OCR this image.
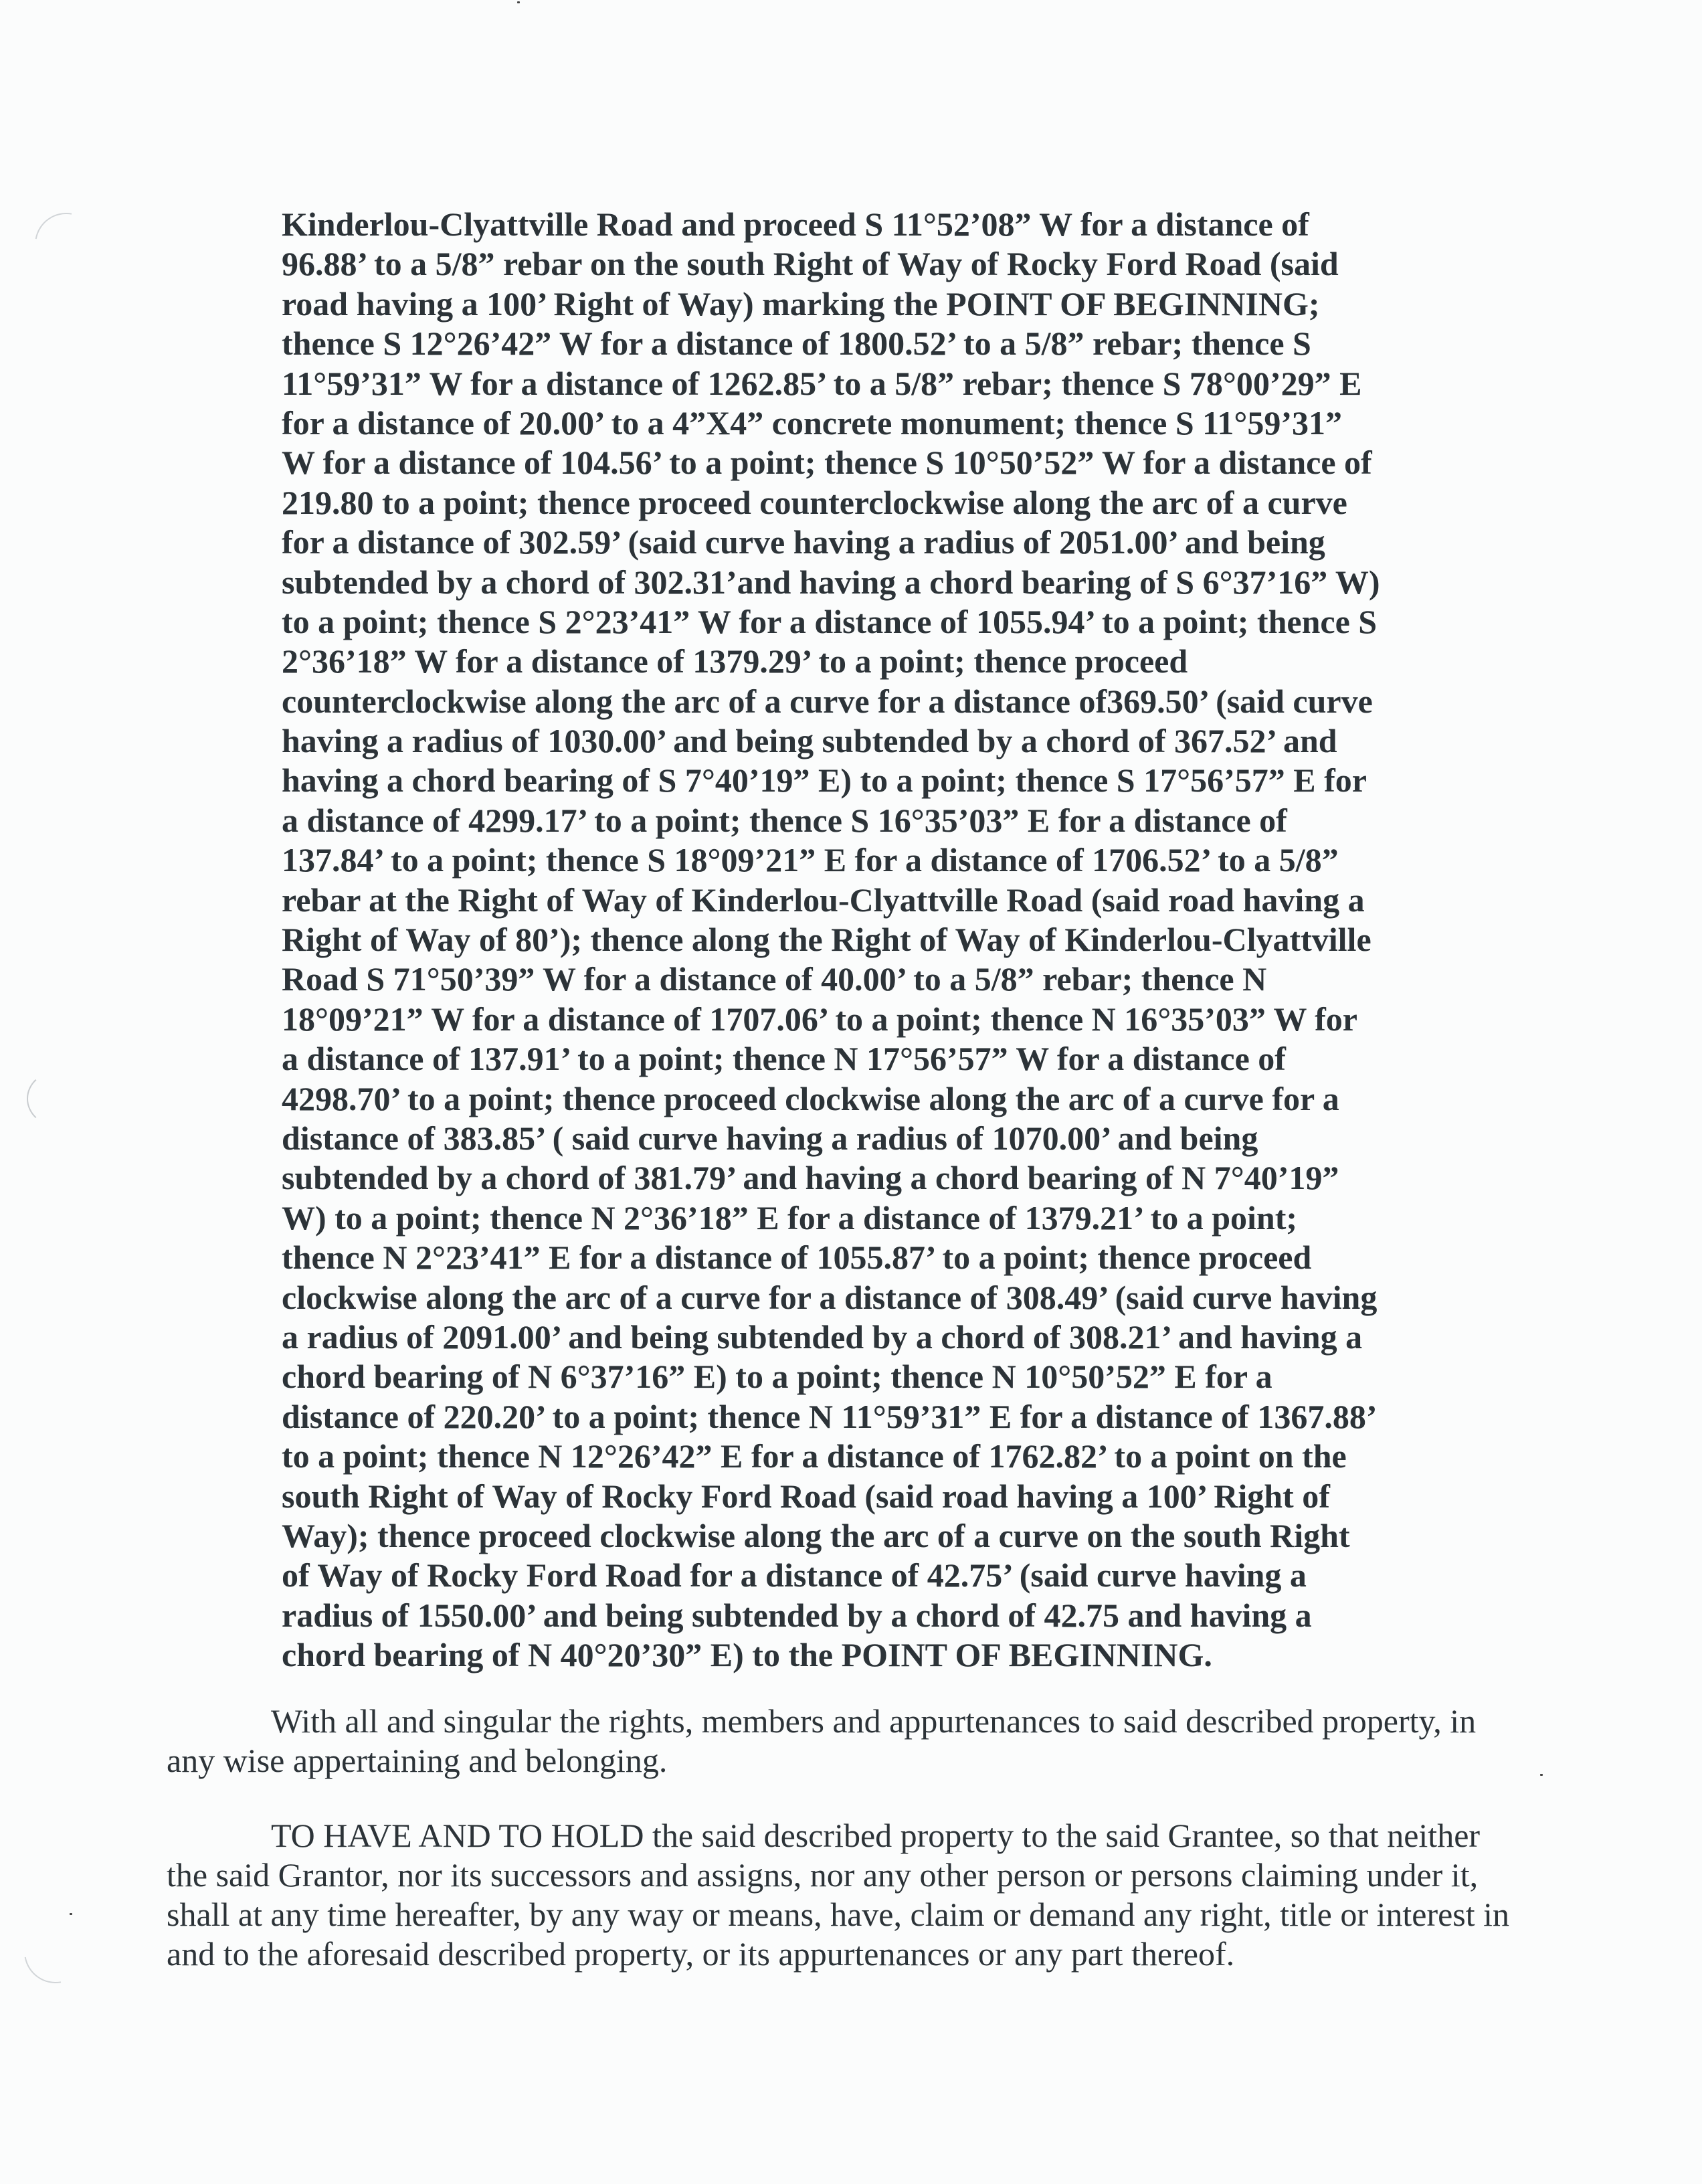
Kinderlou-Clyattville Road and proceed S 11°52’08” W for a distance of
96.88’ to a 5/8” rebar on the south Right of Way of Rocky Ford Road (said
road having a 100’ Right of Way) marking the POINT OF BEGINNING;
thence S 12°26’42” W for a distance of 1800.52’ to a 5/8” rebar; thence S
11°59’31” W for a distance of 1262.85’ to a 5/8” rebar; thence S 78°00’29” E
for a distance of 20.00’ to a 4”X4” concrete monument; thence S 11°59’31”
W for a distance of 104.56’ to a point; thence S 10°50’52” W for a distance of
219.80 to a point; thence proceed counterclockwise along the arc of a curve
for a distance of 302.59’ (said curve having a radius of 2051.00’ and being
subtended by a chord of 302.31’and having a chord bearing of S 6°37’16” W)
to a point; thence S 2°23’41” W for a distance of 1055.94’ to a point; thence S
2°36’18” W for a distance of 1379.29’ to a point; thence proceed
counterclockwise along the arc of a curve for a distance of369.50’ (said curve
having a radius of 1030.00’ and being subtended by a chord of 367.52’ and
having a chord bearing of S 7°40’19” E) to a point; thence S 17°56’57” E for
a distance of 4299.17’ to a point; thence S 16°35’03” E for a distance of
137.84’ to a point; thence S 18°09’21” E for a distance of 1706.52’ to a 5/8”
rebar at the Right of Way of Kinderlou-Clyattville Road (said road having a
Right of Way of 80’); thence along the Right of Way of Kinderlou-Clyattville
Road S 71°50’39” W for a distance of 40.00’ to a 5/8” rebar; thence N
18°09’21” W for a distance of 1707.06’ to a point; thence N 16°35’03” W for
a distance of 137.91’ to a point; thence N 17°56’57” W for a distance of
4298.70’ to a point; thence proceed clockwise along the arc of a curve for a
distance of 383.85’ ( said curve having a radius of 1070.00’ and being
subtended by a chord of 381.79’ and having a chord bearing of N 7°40’19”
W) to a point; thence N 2°36’18” E for a distance of 1379.21’ to a point;
thence N 2°23’41” E for a distance of 1055.87’ to a point; thence proceed
clockwise along the arc of a curve for a distance of 308.49’ (said curve having
a radius of 2091.00’ and being subtended by a chord of 308.21’ and having a
chord bearing of N 6°37’16” E) to a point; thence N 10°50’52” E for a
distance of 220.20’ to a point; thence N 11°59’31” E for a distance of 1367.88’
to a point; thence N 12°26’42” E for a distance of 1762.82’ to a point on the
south Right of Way of Rocky Ford Road (said road having a 100’ Right of
Way); thence proceed clockwise along the arc of a curve on the south Right
of Way of Rocky Ford Road for a distance of 42.75’ (said curve having a
radius of 1550.00’ and being subtended by a chord of 42.75 and having a
chord bearing of N 40°20’30” E) to the POINT OF BEGINNING.
With all and singular the rights, members and appurtenances to said described property, in
any wise appertaining and belonging.
TO HAVE AND TO HOLD the said described property to the said Grantee, so that neither
the said Grantor, nor its successors and assigns, nor any other person or persons claiming under it,
shall at any time hereafter, by any way or means, have, claim or demand any right, title or interest in
and to the aforesaid described property, or its appurtenances or any part thereof.
